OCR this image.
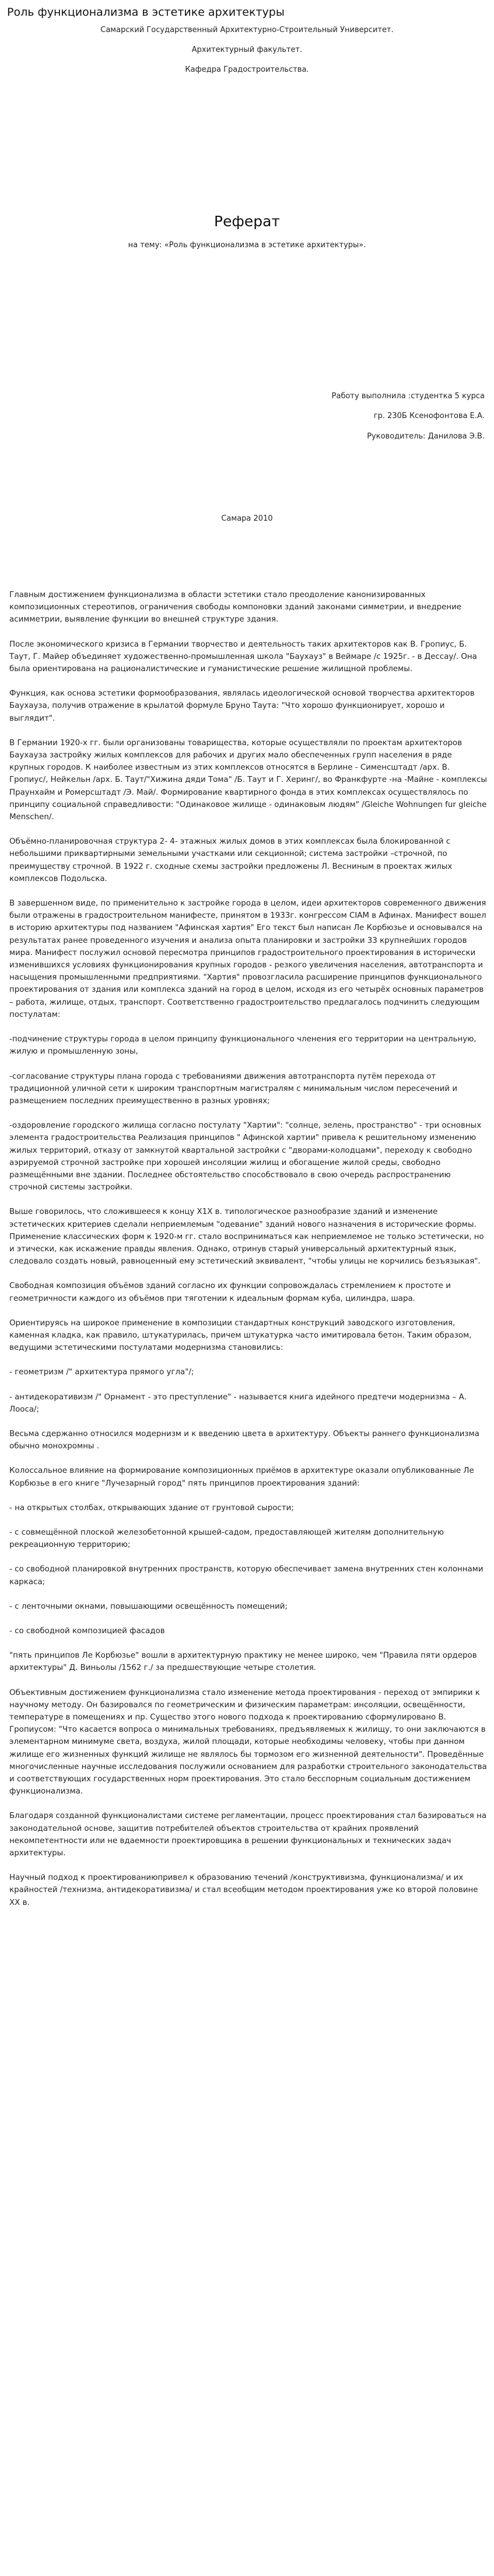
Роль функционализма в эстетике архитектуры
Самарский Государственный Архитектурно-Строительный Университет.
Архитектурный факультет.
Кафедра Градостроительства.
Реферат
на тему: «Роль функционализма в эстетике архитектуры».
Работу выполнила :студентка 5 курса
гр. 230Б Ксенофонтова Е.А.
Руководитель: Данилова Э.В.
Самара 2010

Главным достижением функционализма в области эстетики стало преодоление канонизированных композиционных стереотипов, ограничения свободы компоновки зданий законами симметрии, и внедрение асимметрии, выявление функции во внешней структуре здания.

После экономического кризиса в Германии творчество и деятельность таких архитекторов как В. Гропиус, Б. Таут, Г. Майер объединяет художественно-промышленная школа "Баухауз" в Веймаре /с 1925г. - в Дессау/. Она была ориентирована на рационалистические и гуманистические решение жилищной проблемы.

Функция, как основа эстетики формообразования, являлась идеологической основой творчества архитекторов Баухауза, получив отражение в крылатой формуле Бруно Таута: "Что хорошо функционирует, хорошо и выглядит".

В Германии 1920-х гг. были организованы товарищества, которые осуществляли по проектам архитекторов Баухауза застройку жилых комплексов для рабочих и других мало обеспеченных групп населения в ряде крупных городов. К наиболее известным из этих комплексов относятся в Берлине - Сименсштадт /арх. В. Гропиус/, Нейкельн /арх. Б. Таут/"Хижина дяди Тома" /Б. Таут и Г. Херинг/, во Франкфурте -на -Майне - комплексы Праунхайм и Ромерсштадт /Э. Май/. Формирование квартирного фонда в этих комплексах осуществлялось по принципу социальной справедливости: "Одинаковое жилище - одинаковым людям" /Gleiche Wohnungen fur gleiche Menschen/.

Объёмно-планировочная структура 2- 4- этажных жилых домов в этих комплексах была блокированной с небольшими приквартирными земельными участками или секционной; система застройки –строчной, по преимуществу строчной. В 1922 г. сходные схемы застройки предложены Л. Весниным в проектах жилых комплексов Подольска.

В завершенном виде, по применительно к застройке города в целом, идеи архитекторов современного движения были отражены в градостроительном манифесте, принятом в 1933г. конгрессом CIAM в Афинах. Манифест вошел в историю архитектуры под названием "Афинская хартия" Его текст был написан Ле Корбюзье и основывался на результатах ранее проведенного изучения и анализа опыта планировки и застройки 33 крупнейших городов мира. Манифест послужил основой пересмотра принципов градостроительного проектирования в исторически изменившихся условиях функционирования крупных городов - резкого увеличения населения, автотранспорта и насыщения промышленными предприятиями. "Хартия" провозгласила расширение принципов функционального проектирования от здания или комплекса зданий на город в целом, исходя из его четырёх основных параметров – работа, жилище, отдых, транспорт. Соответственно градостроительство предлагалось подчинить следующим постулатам:

-подчинение структуры города в целом принципу функционального членения его территории на центральную, жилую и промышленную зоны,

-согласование структуры плана города с требованиями движения автотранспорта путём перехода от традиционной уличной сети к широким транспортным магистралям с минимальным числом пересечений и размещением последних преимущественно в разных уровнях;

-оздоровление городского жилища согласно постулату "Хартии": "солнце, зелень, пространство" - три основных элемента градостроительства Реализация принципов " Афинской хартии" привела к решительному изменению жилых территорий, отказу от замкнутой квартальной застройки с "дворами-колодцами", переходу к свободно аэрируемой строчной застройке при хорошей инсоляции жилищ и обогащение жилой среды, свободно размещёнными вне здании. Последнее обстоятельство способствовало в свою очередь распространению строчной системы застройки.

Выше говорилось, что сложившееся к концу Х1Х в. типологическое разнообразие зданий и изменение эстетических критериев сделали неприемлемым "одевание" зданий нового назначения в исторические формы. Применение классических форм к 1920-м гг. стало восприниматься как неприемлемое не только эстетически, но и этически, как искажение правды явления. Однако, отринув старый универсальный архитектурный язык, следовало создать новый, равноценный ему эстетический эквивалент, "чтобы улицы не корчились безъязыкая".

Свободная композиция объёмов зданий согласно их функции сопровождалась стремлением к простоте и геометричности каждого из объёмов при тяготении к идеальным формам куба, цилиндра, шара.

Ориентируясь на широкое применение в композиции стандартных конструкций заводского изготовления, каменная кладка, как правило, штукатурилась, причем штукатурка часто имитировала бетон. Таким образом, ведущими эстетическими постулатами модернизма становились:

- геометризм /" архитектура прямого угла"/;

- антидекоративизм /" Орнамент - это преступление" - называется книга идейного предтечи модернизма – А. Лооса/;

Весьма сдержанно относился модернизм и к введению цвета в архитектуру. Объекты раннего функционализма обычно монохромны .

Колоссальное влияние на формирование композиционных приёмов в архитектуре оказали опубликованные Ле Корбюзье в его книге "Лучезарный город" пять принципов проектирования зданий:

- на открытых столбах, открывающих здание от грунтовой сырости;

- с совмещённой плоской железобетонной крышей-садом, предоставляющей жителям дополнительную рекреационную территорию;

- со свободной планировкой внутренних пространств, которую обеспечивает замена внутренних стен колоннами каркаса;

- с ленточными окнами, повышающими освещённость помещений;

- со свободной композицией фасадов

"пять принципов Ле Корбюзье" вошли в архитектурную практику не менее широко, чем "Правила пяти ордеров архитектуры" Д. Виньолы /1562 г./ за предшествующие четыре столетия.

Объективным достижением функционализма стало изменение метода проектирования - переход от эмпирики к научному методу. Он базировался по геометрическим и физическим параметрам: инсоляции, освещённости, температуре в помещениях и пр. Существо этого нового подхода к проектированию сформулировано В. Гропиусом: "Что касается вопроса о минимальных требованиях, предъявляемых к жилищу, то они заключаются в элементарном минимуме света, воздуха, жилой площади, которые необходимы человеку, чтобы при данном жилище его жизненных функций жилище не являлось бы тормозом его жизненной деятельности". Проведённые многочисленные научные исследования послужили основанием для разработки строительного законодательства и соответствующих государственных норм проектирования. Это стало бесспорным социальным достижением функционализма.

Благодаря созданной функционалистами системе регламентации, процесс проектирования стал базироваться на законодательной основе, защитив потребителей объектов строительства от крайних проявлений некомпетентности или не вдаемности проектировщика в решении функциональных и технических задач архитектуры.

Научный подход к проектированиюпривел к образованию течений /конструктивизма, функционализма/ и их крайностей /технизма, антидекоративизма/ и стал всеобщим методом проектирования уже ко второй половине XX в.
